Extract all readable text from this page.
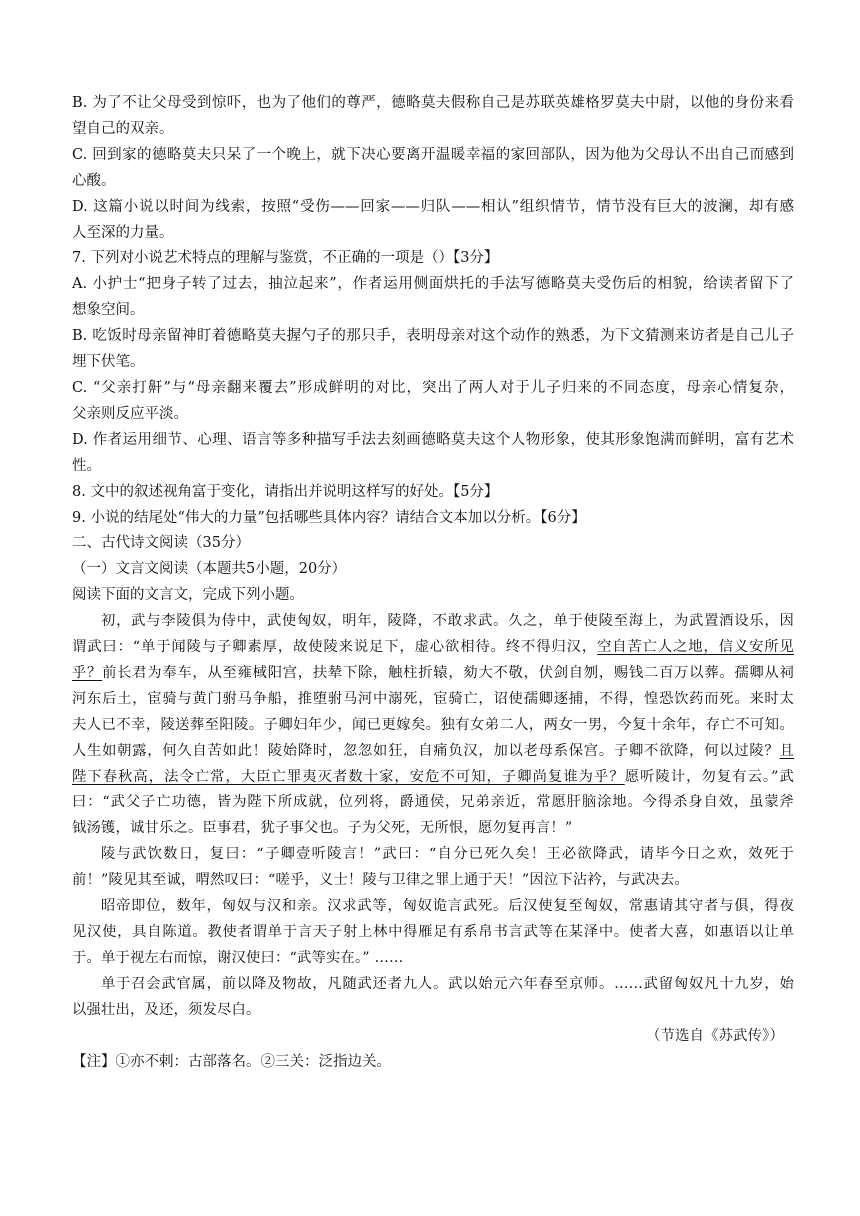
B. 为了不让父母受到惊吓，也为了他们的尊严，德略莫夫假称自己是苏联英雄格罗莫夫中尉，以他的身份来看

望自己的双亲。

C. 回到家的德略莫夫只呆了一个晚上，就下决心要离开温暖幸福的家回部队，因为他为父母认不出自己而感到

心酸。

D. 这篇小说以时间为线索，按照“受伤——回家——归队——相认”组织情节，情节没有巨大的波澜，却有感

人至深的力量。

7. 下列对小说艺术特点的理解与鉴赏，不正确的一项是（）【3分】

A. 小护士“把身子转了过去，抽泣起来”，作者运用侧面烘托的手法写德略莫夫受伤后的相貌，给读者留下了

想象空间。

B. 吃饭时母亲留神盯着德略莫夫握勺子的那只手，表明母亲对这个动作的熟悉，为下文猜测来访者是自己儿子

埋下伏笔。

C. “父亲打鼾”与“母亲翻来覆去”形成鲜明的对比，突出了两人对于儿子归来的不同态度，母亲心情复杂，

父亲则反应平淡。

D. 作者运用细节、心理、语言等多种描写手法去刻画德略莫夫这个人物形象，使其形象饱满而鲜明，富有艺术

性。

8. 文中的叙述视角富于变化，请指出并说明这样写的好处。【5分】

9. 小说的结尾处“伟大的力量”包括哪些具体内容？请结合文本加以分析。【6分】

二、古代诗文阅读（35分）

（一）文言文阅读（本题共5小题，20分）

阅读下面的文言文，完成下列小题。

初，武与李陵俱为侍中，武使匈奴，明年，陵降，不敢求武。久之，单于使陵至海上，为武置酒设乐，因

谓武曰：“单于闻陵与子卿素厚，故使陵来说足下，虚心欲相待。终不得归汉，空自苦亡人之地，信义安所见

乎？前长君为奉车，从至雍棫阳宫，扶辇下除，触柱折辕，劾大不敬，伏剑自刎，赐钱二百万以葬。孺卿从祠

河东后土，宦骑与黄门驸马争船，推堕驸马河中溺死，宦骑亡，诏使孺卿逐捕，不得，惶恐饮药而死。来时太

夫人已不幸，陵送葬至阳陵。子卿妇年少，闻已更嫁矣。独有女弟二人，两女一男，今复十余年，存亡不可知。

人生如朝露，何久自苦如此！陵始降时，忽忽如狂，自痛负汉，加以老母系保宫。子卿不欲降，何以过陵？且

陛下春秋高，法令亡常，大臣亡罪夷灭者数十家，安危不可知，子卿尚复谁为乎？愿听陵计，勿复有云。”武

曰：“武父子亡功德，皆为陛下所成就，位列将，爵通侯，兄弟亲近，常愿肝脑涂地。今得杀身自效，虽蒙斧

钺汤镬，诚甘乐之。臣事君，犹子事父也。子为父死，无所恨，愿勿复再言！”

陵与武饮数日，复曰：“子卿壹听陵言！”武曰：“自分已死久矣！王必欲降武，请毕今日之欢，效死于

前！”陵见其至诚，喟然叹曰：“嗟乎，义士！陵与卫律之罪上通于天！”因泣下沾衿，与武决去。

昭帝即位，数年，匈奴与汉和亲。汉求武等，匈奴诡言武死。后汉使复至匈奴，常惠请其守者与俱，得夜

见汉使，具自陈道。教使者谓单于言天子射上林中得雁足有系帛书言武等在某泽中。使者大喜，如惠语以让单

于。单于视左右而惊，谢汉使曰：“武等实在。” ……

单于召会武官属，前以降及物故，凡随武还者九人。武以始元六年春至京师。……武留匈奴凡十九岁，始

以强壮出，及还，须发尽白。

（节选自《苏武传》）

【注】①亦不剌：古部落名。②三关：泛指边关。
